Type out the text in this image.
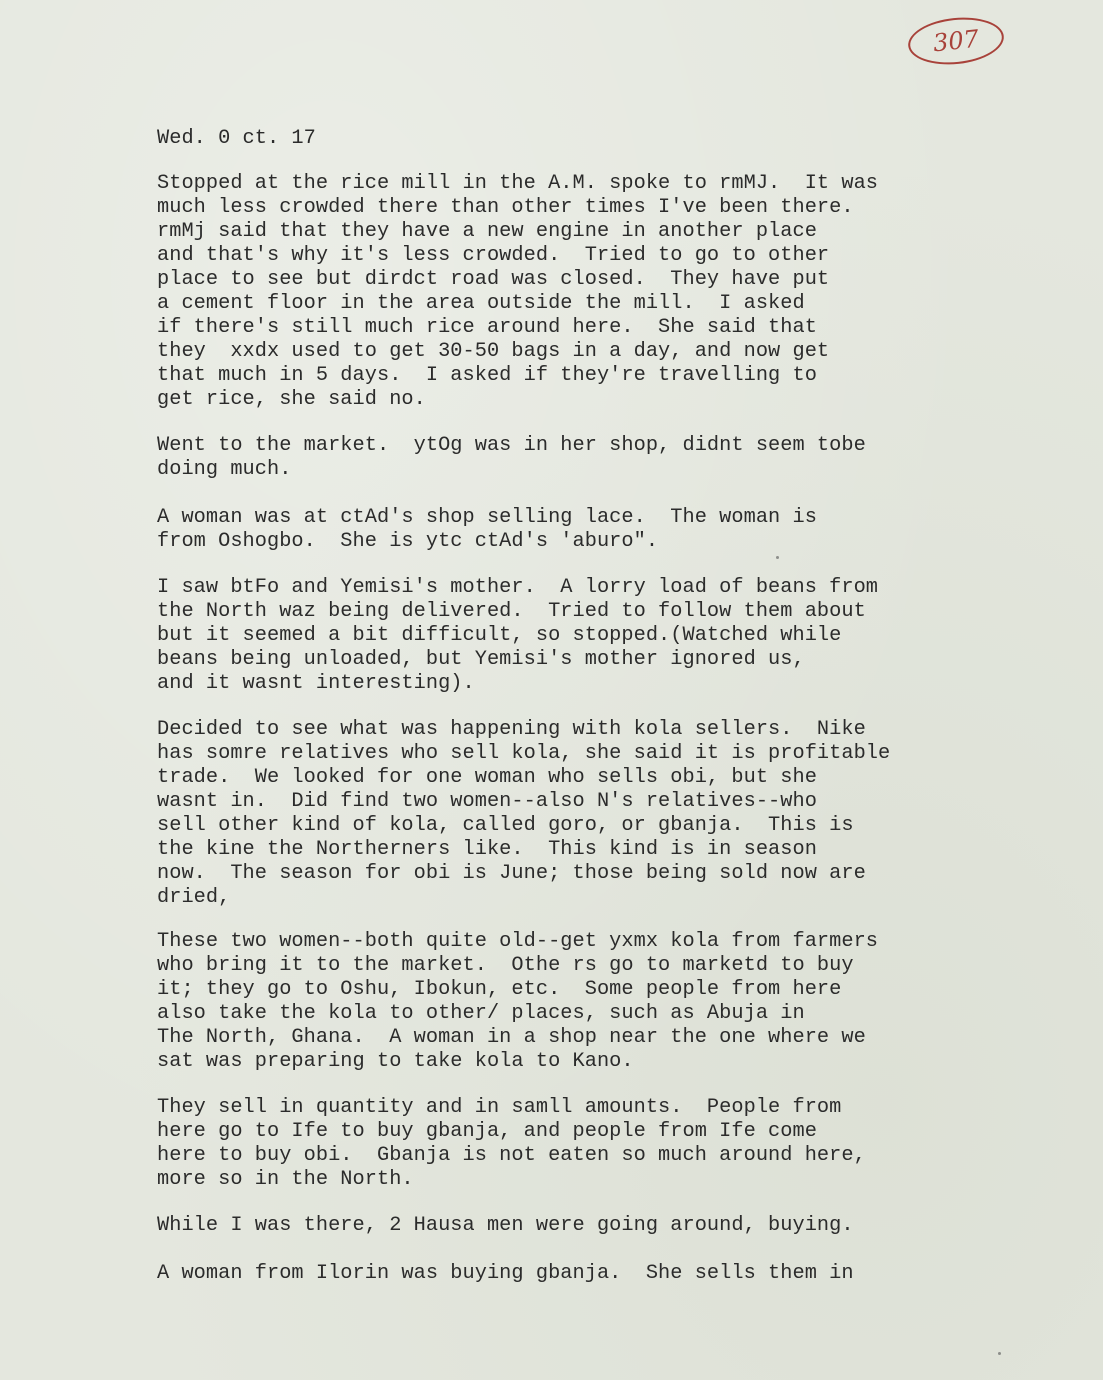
307
Wed. 0 ct. 17
Stopped at the rice mill in the A.M. spoke to rmMJ.  It was
much less crowded there than other times I've been there.
rmMj said that they have a new engine in another place
and that's why it's less crowded.  Tried to go to other
place to see but dirdct road was closed.  They have put
a cement floor in the area outside the mill.  I asked
if there's still much rice around here.  She said that
they  xxdx used to get 30-50 bags in a day, and now get
that much in 5 days.  I asked if they're travelling to
get rice, she said no.
Went to the market.  ytOg was in her shop, didnt seem tobe
doing much.
A woman was at ctAd's shop selling lace.  The woman is
from Oshogbo.  She is ytc ctAd's 'aburo".
I saw btFo and Yemisi's mother.  A lorry load of beans from
the North waz being delivered.  Tried to follow them about
but it seemed a bit difficult, so stopped.(Watched while
beans being unloaded, but Yemisi's mother ignored us,
and it wasnt interesting).
Decided to see what was happening with kola sellers.  Nike
has somre relatives who sell kola, she said it is profitable
trade.  We looked for one woman who sells obi, but she
wasnt in.  Did find two women--also N's relatives--who
sell other kind of kola, called goro, or gbanja.  This is
the kine the Northerners like.  This kind is in season
now.  The season for obi is June; those being sold now are
dried,
These two women--both quite old--get yxmx kola from farmers
who bring it to the market.  Othe rs go to marketd to buy
it; they go to Oshu, Ibokun, etc.  Some people from here
also take the kola to other/ places, such as Abuja in
The North, Ghana.  A woman in a shop near the one where we
sat was preparing to take kola to Kano.
They sell in quantity and in samll amounts.  People from
here go to Ife to buy gbanja, and people from Ife come
here to buy obi.  Gbanja is not eaten so much around here,
more so in the North.
While I was there, 2 Hausa men were going around, buying.
A woman from Ilorin was buying gbanja.  She sells them in
